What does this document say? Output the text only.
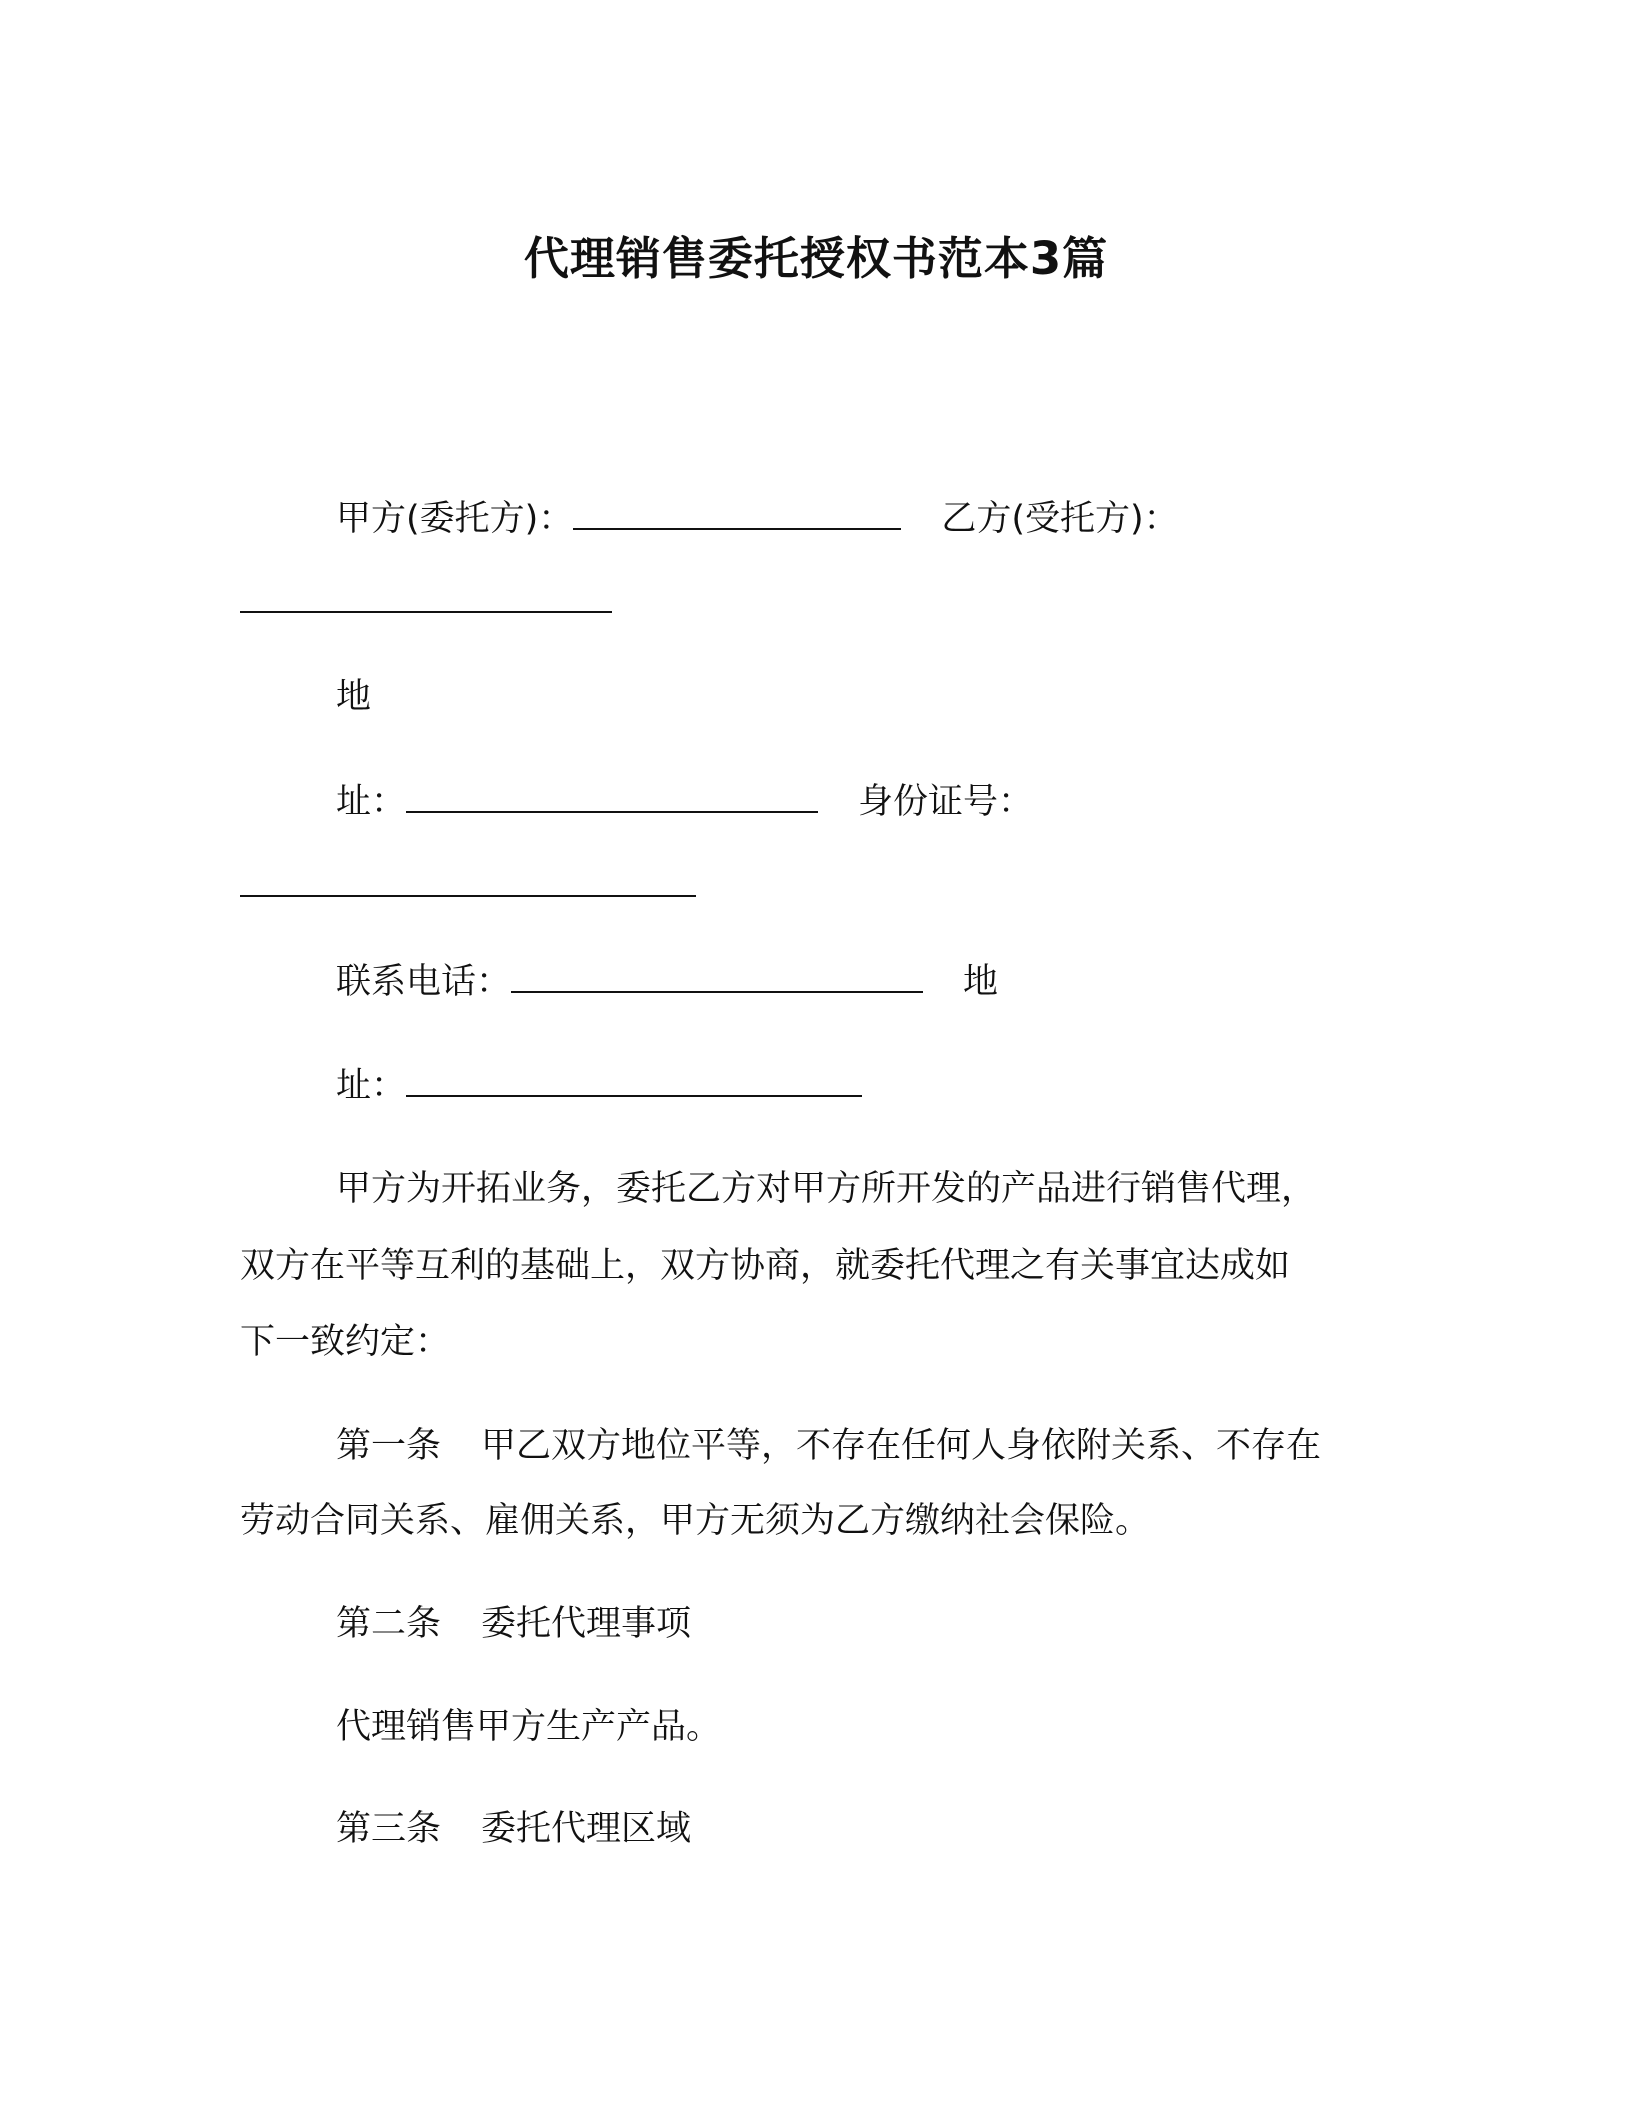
代理销售委托授权书范本3篇
甲方(委托方)：	乙方(受托方)：
地
址：	身份证号：
联系电话：	地
址：
甲方为开拓业务，委托乙方对甲方所开发的产品进行销售代理，
双方在平等互利的基础上，双方协商，就委托代理之有关事宜达成如
下一致约定：
第一条 甲乙双方地位平等，不存在任何人身依附关系、不存在
劳动合同关系、雇佣关系，甲方无须为乙方缴纳社会保险。
第二条 委托代理事项
代理销售甲方生产产品。
第三条 委托代理区域
